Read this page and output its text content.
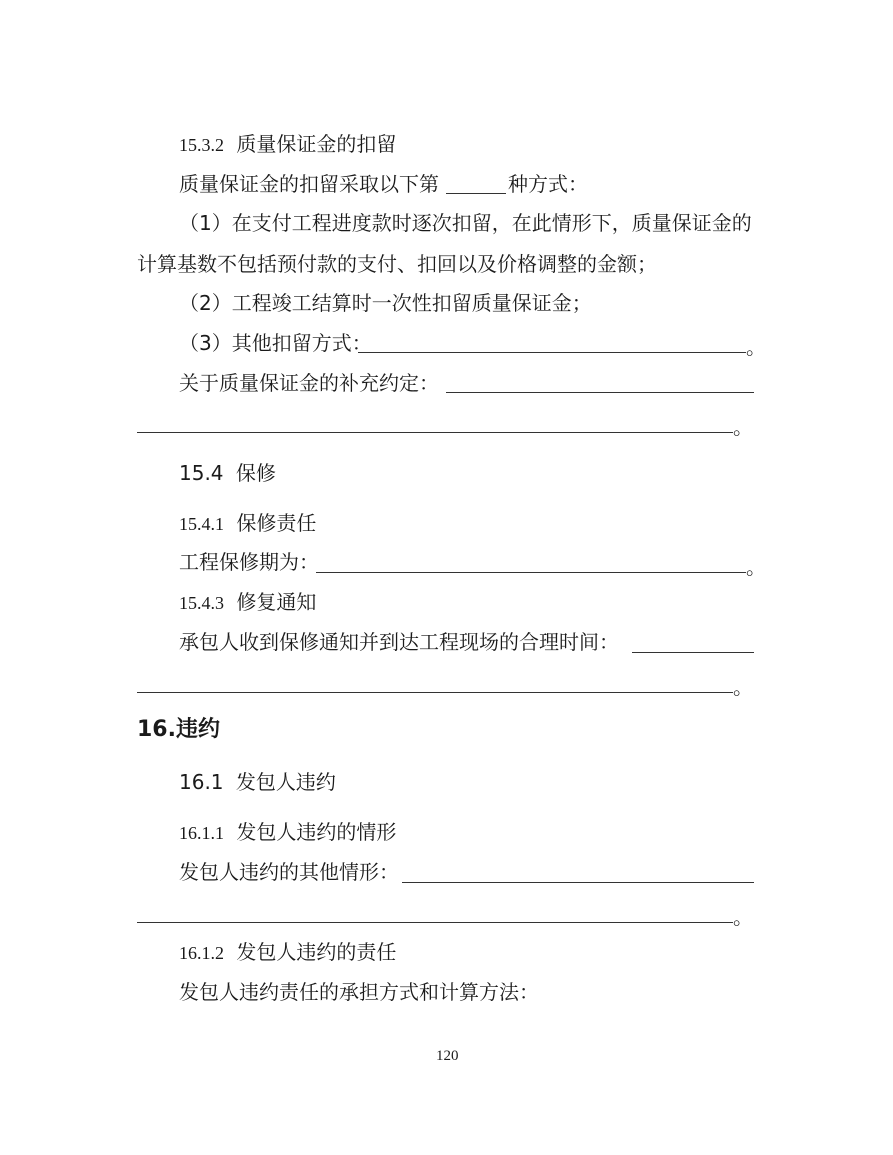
15.3.2 质量保证金的扣留
质量保证金的扣留采取以下第	种方式：
（1）在支付工程进度款时逐次扣留，在此情形下，质量保证金的
计算基数不包括预付款的支付、扣回以及价格调整的金额；
（2）工程竣工结算时一次性扣留质量保证金；
（3）其他扣留方式：	。
关于质量保证金的补充约定：
。
15.4 保修
15.4.1 保修责任
工程保修期为：	。
15.4.3 修复通知
承包人收到保修通知并到达工程现场的合理时间：
。
16.违约
16.1 发包人违约
16.1.1 发包人违约的情形
发包人违约的其他情形：
。
16.1.2 发包人违约的责任
发包人违约责任的承担方式和计算方法：
120
